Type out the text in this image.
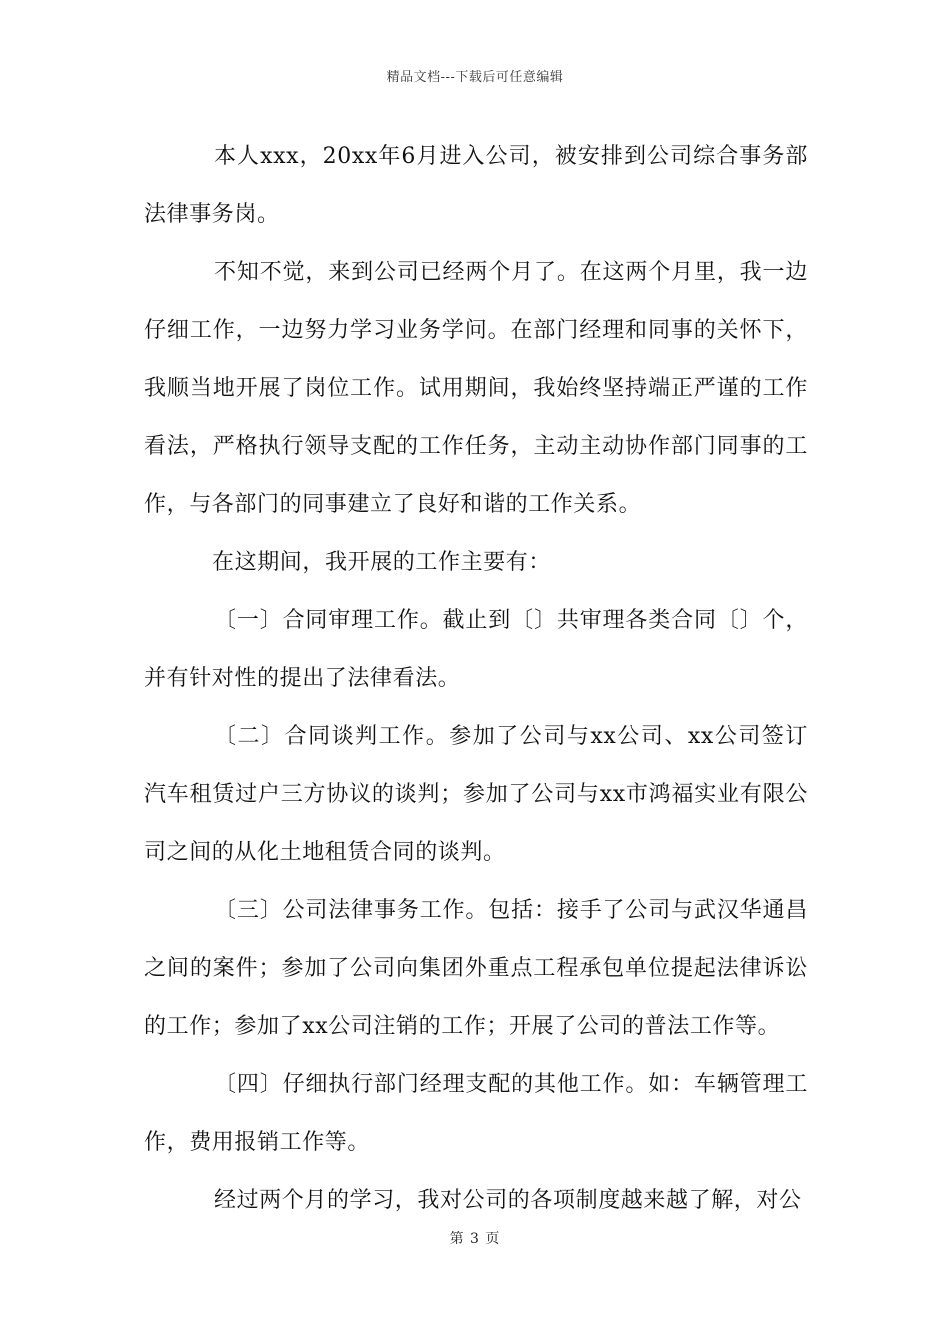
精品文档---下载后可任意编辑

本人xxx，20xx年6月进入公司，被安排到公司综合事务部法律事务岗。

不知不觉，来到公司已经两个月了。在这两个月里，我一边仔细工作，一边努力学习业务学问。在部门经理和同事的关怀下，我顺当地开展了岗位工作。试用期间，我始终坚持端正严谨的工作看法，严格执行领导支配的工作任务，主动主动协作部门同事的工作，与各部门的同事建立了良好和谐的工作关系。

在这期间，我开展的工作主要有：

〔一〕合同审理工作。截止到〔〕共审理各类合同〔〕个，并有针对性的提出了法律看法。

〔二〕合同谈判工作。参加了公司与xx公司、xx公司签订汽车租赁过户三方协议的谈判；参加了公司与xx市鸿福实业有限公司之间的从化土地租赁合同的谈判。

〔三〕公司法律事务工作。包括：接手了公司与武汉华通昌之间的案件；参加了公司向集团外重点工程承包单位提起法律诉讼的工作；参加了xx公司注销的工作；开展了公司的普法工作等。

〔四〕仔细执行部门经理支配的其他工作。如：车辆管理工作，费用报销工作等。

经过两个月的学习，我对公司的各项制度越来越了解，对公

第 3 页
